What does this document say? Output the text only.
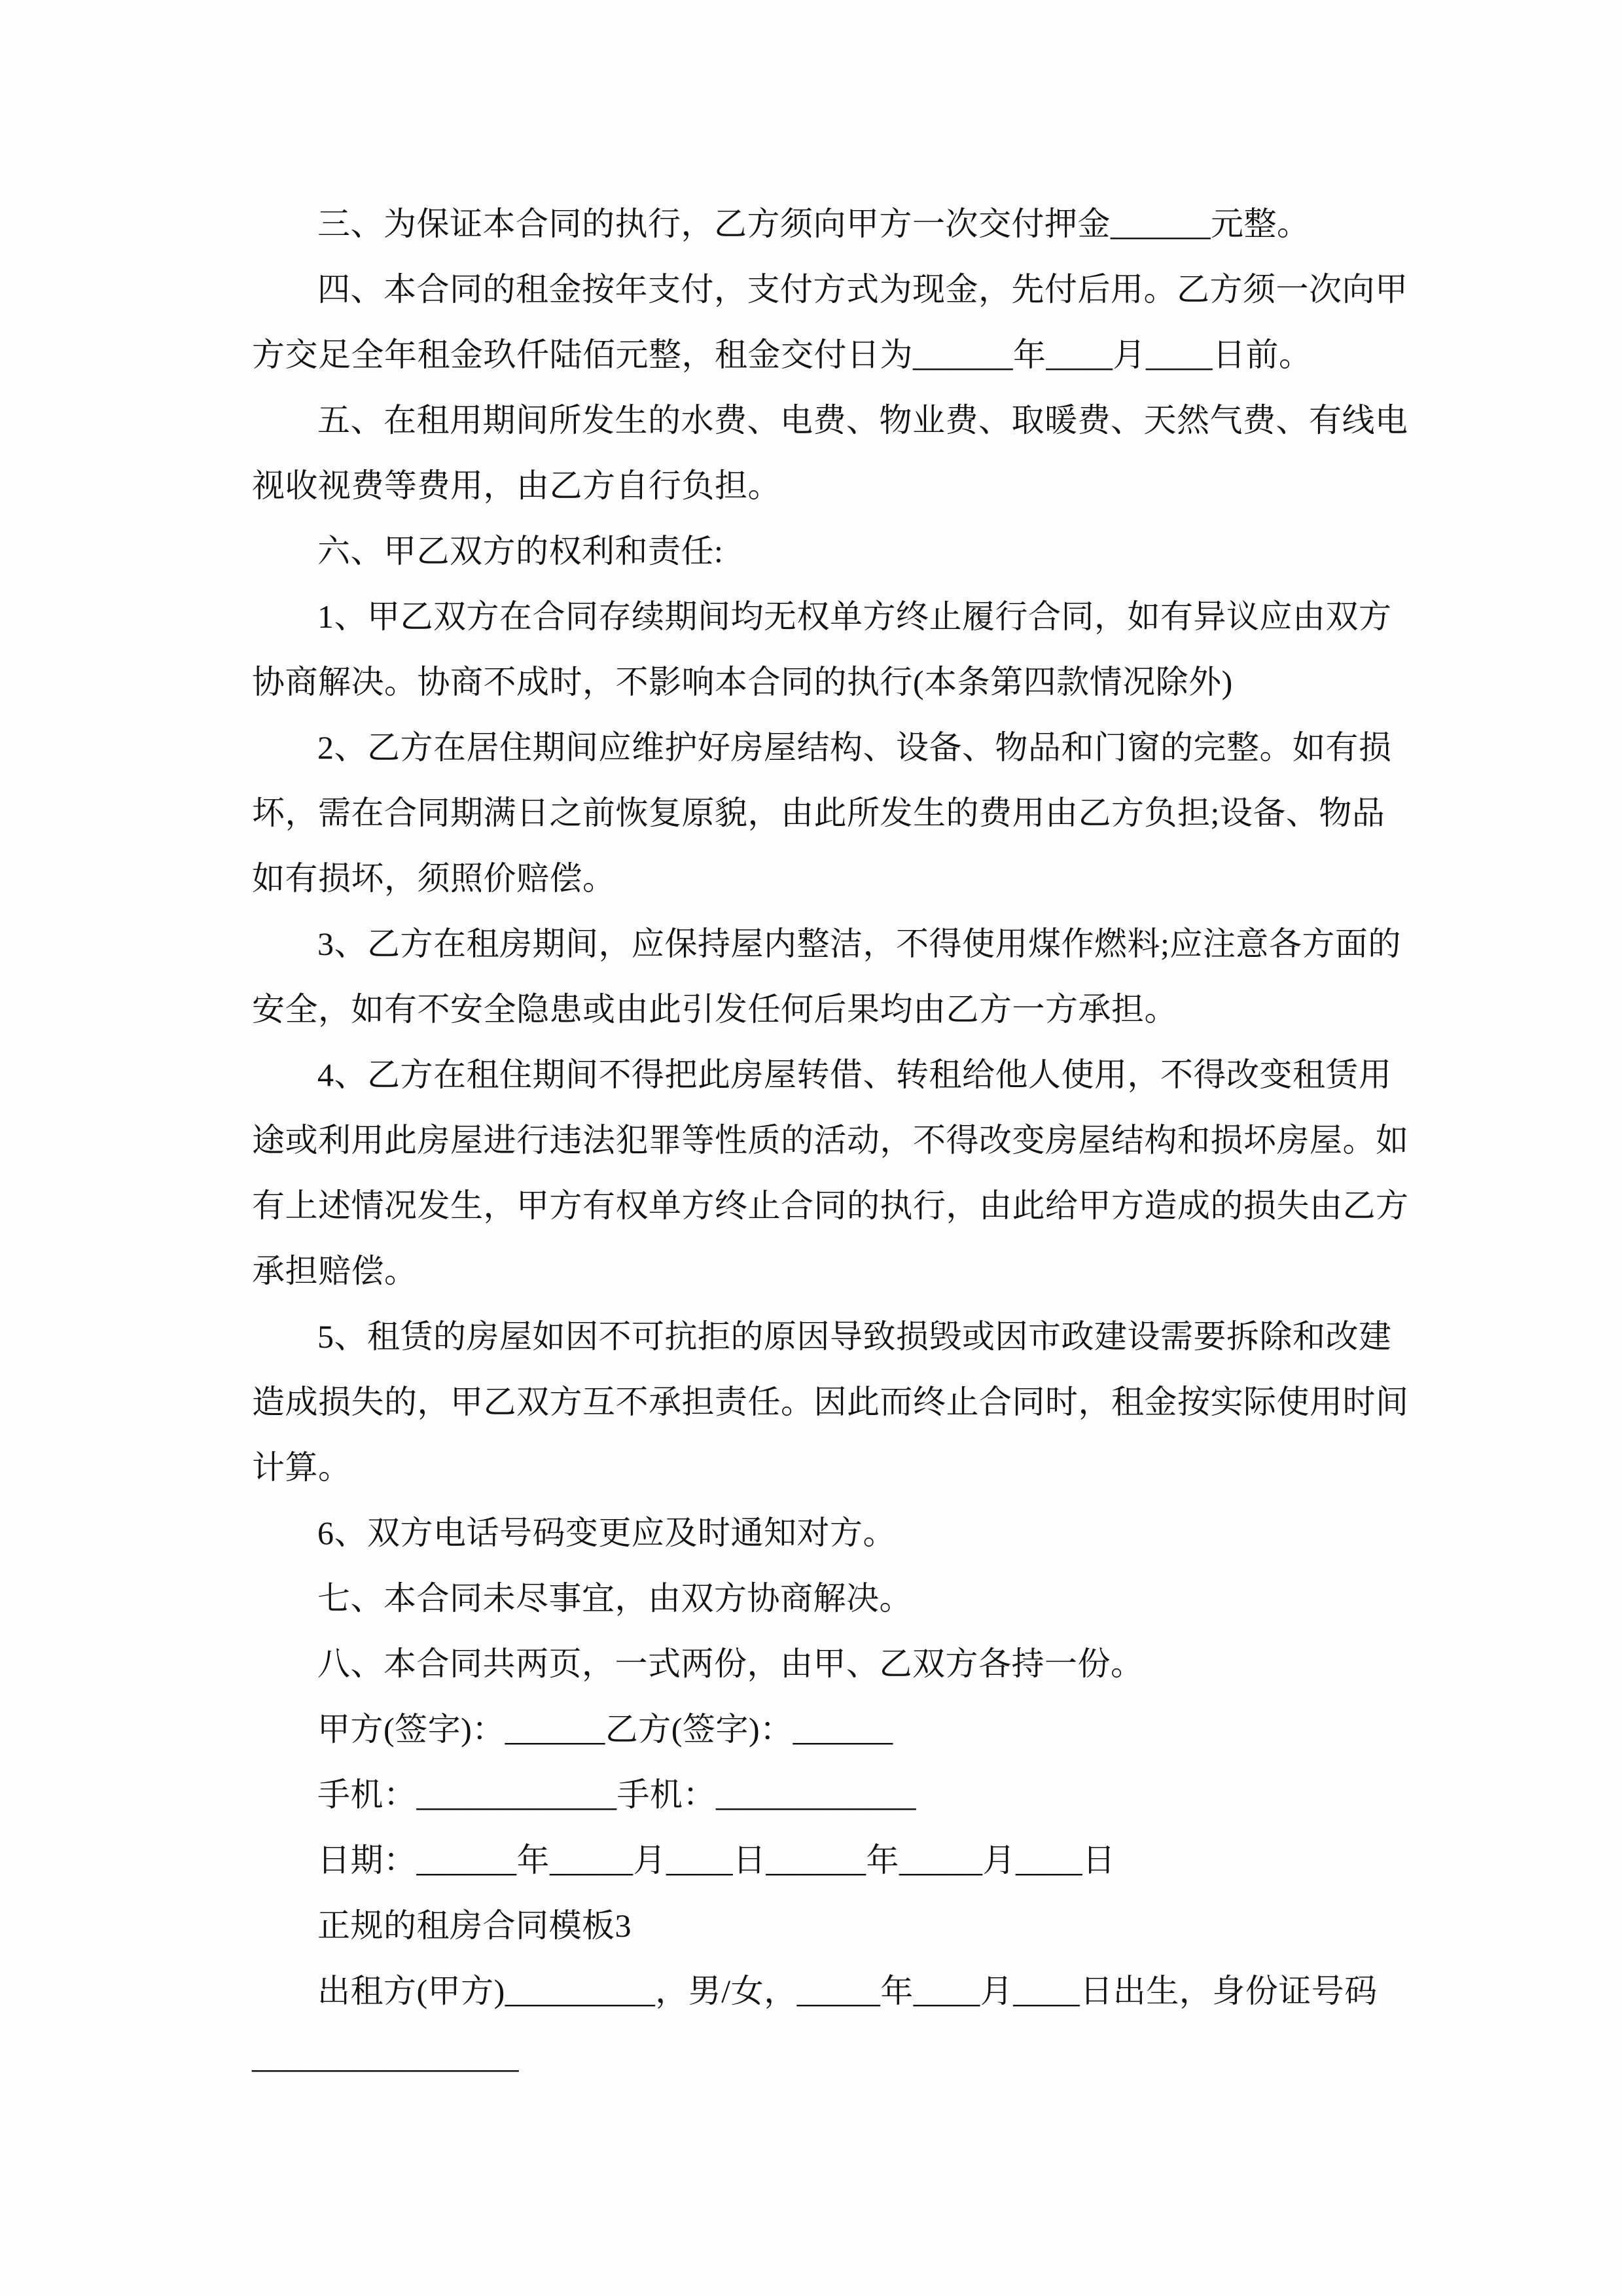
三、为保证本合同的执行，乙方须向甲方一次交付押金______元整。
四、本合同的租金按年支付，支付方式为现金，先付后用。乙方须一次向甲
方交足全年租金玖仟陆佰元整，租金交付日为______年____月____日前。
五、在租用期间所发生的水费、电费、物业费、取暖费、天然气费、有线电
视收视费等费用，由乙方自行负担。
六、甲乙双方的权利和责任:
1、甲乙双方在合同存续期间均无权单方终止履行合同，如有异议应由双方
协商解决。协商不成时，不影响本合同的执行(本条第四款情况除外)
2、乙方在居住期间应维护好房屋结构、设备、物品和门窗的完整。如有损
坏，需在合同期满日之前恢复原貌，由此所发生的费用由乙方负担;设备、物品
如有损坏，须照价赔偿。
3、乙方在租房期间，应保持屋内整洁，不得使用煤作燃料;应注意各方面的
安全，如有不安全隐患或由此引发任何后果均由乙方一方承担。
4、乙方在租住期间不得把此房屋转借、转租给他人使用，不得改变租赁用
途或利用此房屋进行违法犯罪等性质的活动，不得改变房屋结构和损坏房屋。如
有上述情况发生，甲方有权单方终止合同的执行，由此给甲方造成的损失由乙方
承担赔偿。
5、租赁的房屋如因不可抗拒的原因导致损毁或因市政建设需要拆除和改建
造成损失的，甲乙双方互不承担责任。因此而终止合同时，租金按实际使用时间
计算。
6、双方电话号码变更应及时通知对方。
七、本合同未尽事宜，由双方协商解决。
八、本合同共两页，一式两份，由甲、乙双方各持一份。
甲方(签字)：______乙方(签字)：______
手机：____________手机：____________
日期：______年_____月____日______年_____月____日
正规的租房合同模板3
出租方(甲方)_________，男/女，_____年____月____日出生，身份证号码
________________
